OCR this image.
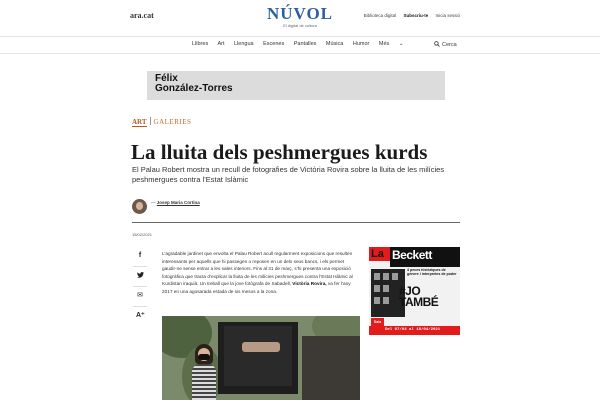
ara.cat	NÚVOL
El digital de cultura
Biblioteca digital Subscriu-te Inicia sessió
Llibres Art Llengua Escenes Pantalles Música Humor Més ⌄	Cerca
Félix
González-Torres
ART GALERIES
La lluita dels peshmergues kurds

El Palau Robert mostra un recull de fotografies de Victòria Rovira sobre la lluita de les milícies peshmergues contra l’Estat Islàmic

— Josep Maria Cortina
15/02/2021
f
✉
A⁺
L’agradable jardinet que envolta el Palau Robert acull regularment exposicions que resulten interessants per aquells que hi passegen o reposen en un dels seus bancs, i els permet gaudir-ne sense entrar a les sales interiors. Fins al 31 de març, s’hi presenta una exposició fotogràfica que tracta d’explicar la lluita de les milícies peshmergues contra l’Estat Islàmic al Kurdistan iraquià. Un treball que la jove fotògrafa de Sabadell, Victòria Rovira, va fer l’any 2017 en una agosarada estada de sis mesos a la zona.
La Beckett
4 peces històriques de gènere i interpretes de poder
#JO
TAMBÉ
Sala
Del 07/04 al 18/04/2021
